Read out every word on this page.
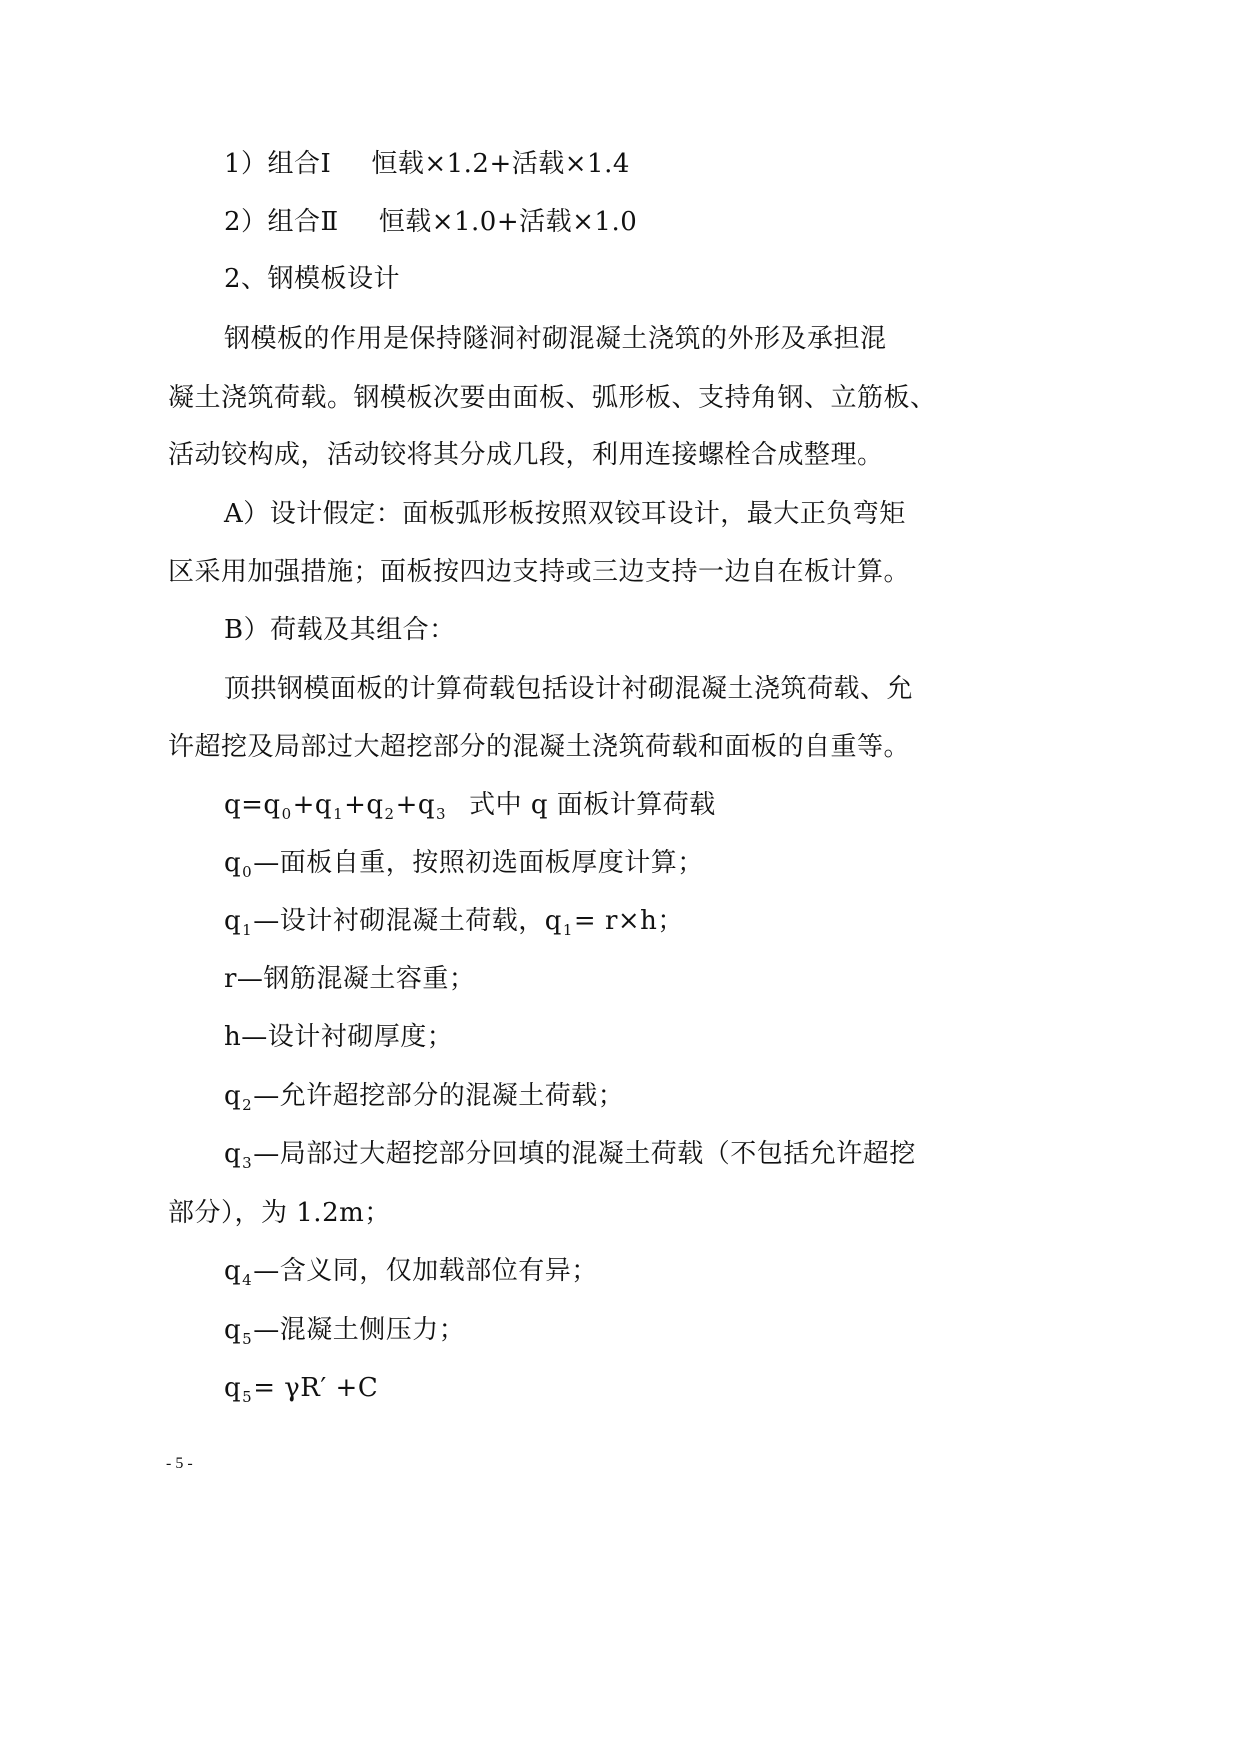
1）组合Ⅰ 恒载×1.2+活载×1.4
2）组合Ⅱ 恒载×1.0+活载×1.0
2、钢模板设计
钢模板的作用是保持隧洞衬砌混凝土浇筑的外形及承担混
凝土浇筑荷载。钢模板次要由面板、弧形板、支持角钢、立筋板、
活动铰构成，活动铰将其分成几段，利用连接螺栓合成整理。
A）设计假定：面板弧形板按照双铰耳设计，最大正负弯矩
区采用加强措施；面板按四边支持或三边支持一边自在板计算。
B）荷载及其组合：
顶拱钢模面板的计算荷载包括设计衬砌混凝土浇筑荷载、允
许超挖及局部过大超挖部分的混凝土浇筑荷载和面板的自重等。
$q=q_0+q_1+q_2+q_3$ 式中 q 面板计算荷载
$q_0—$面板自重，按照初选面板厚度计算；
$q_1—$设计衬砌混凝土荷载，$q_1= r\times h$；
r—钢筋混凝土容重；
h—设计衬砌厚度；
$q_2—$允许超挖部分的混凝土荷载；
$q_3—$局部过大超挖部分回填的混凝土荷载（不包括允许超挖
部分），为 1.2m；
$q_4—$含义同，仅加载部位有异；
$q_5—$混凝土侧压力；
$q_5= \gamma R' +C$
- 5 -
